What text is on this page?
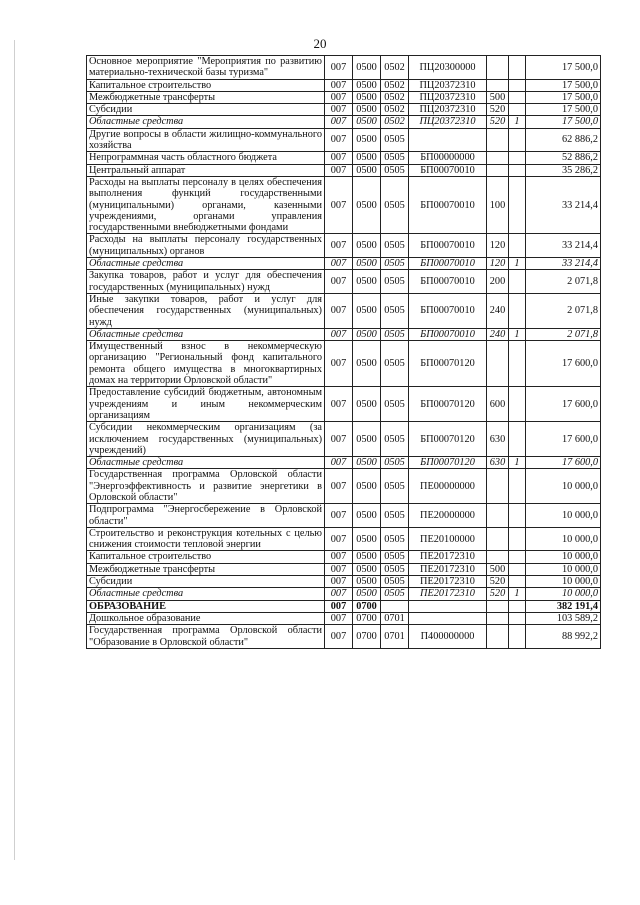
20
Основное мероприятие "Мероприятия по развитию материально-технической базы туризма"	007	0500	0502	ПЦ20300000			17 500,0
Капитальное строительство	007	0500	0502	ПЦ20372310			17 500,0
Межбюджетные трансферты	007	0500	0502	ПЦ20372310	500		17 500,0
Субсидии	007	0500	0502	ПЦ20372310	520		17 500,0
Областные средства	007	0500	0502	ПЦ20372310	520	1	17 500,0
Другие вопросы в области жилищно-коммунального хозяйства	007	0500	0505				62 886,2
Непрограммная часть областного бюджета	007	0500	0505	БП00000000			52 886,2
Центральный аппарат	007	0500	0505	БП00070010			35 286,2
Расходы на выплаты персоналу в целях обеспечения выполнения функций государственными (муниципальными) органами, казенными учреждениями, органами управления государственными внебюджетными фондами	007	0500	0505	БП00070010	100		33 214,4
Расходы на выплаты персоналу государственных (муниципальных) органов	007	0500	0505	БП00070010	120		33 214,4
Областные средства	007	0500	0505	БП00070010	120	1	33 214,4
Закупка товаров, работ и услуг для обеспечения государственных (муниципальных) нужд	007	0500	0505	БП00070010	200		2 071,8
Иные закупки товаров, работ и услуг для обеспечения государственных (муниципальных) нужд	007	0500	0505	БП00070010	240		2 071,8
Областные средства	007	0500	0505	БП00070010	240	1	2 071,8
Имущественный взнос в некоммерческую организацию "Региональный фонд капитального ремонта общего имущества в многоквартирных домах на территории Орловской области"	007	0500	0505	БП00070120			17 600,0
Предоставление субсидий бюджетным, автономным учреждениям и иным некоммерческим организациям	007	0500	0505	БП00070120	600		17 600,0
Субсидии некоммерческим организациям (за исключением государственных (муниципальных) учреждений)	007	0500	0505	БП00070120	630		17 600,0
Областные средства	007	0500	0505	БП00070120	630	1	17 600,0
Государственная программа Орловской области "Энергоэффективность и развитие энергетики в Орловской области"	007	0500	0505	ПЕ00000000			10 000,0
Подпрограмма "Энергосбережение в Орловской области"	007	0500	0505	ПЕ20000000			10 000,0
Строительство и реконструкция котельных с целью снижения стоимости тепловой энергии	007	0500	0505	ПЕ20100000			10 000,0
Капитальное строительство	007	0500	0505	ПЕ20172310			10 000,0
Межбюджетные трансферты	007	0500	0505	ПЕ20172310	500		10 000,0
Субсидии	007	0500	0505	ПЕ20172310	520		10 000,0
Областные средства	007	0500	0505	ПЕ20172310	520	1	10 000,0
ОБРАЗОВАНИЕ	007	0700					382 191,4
Дошкольное образование	007	0700	0701				103 589,2
Государственная программа Орловской области "Образование в Орловской области"	007	0700	0701	П400000000			88 992,2
